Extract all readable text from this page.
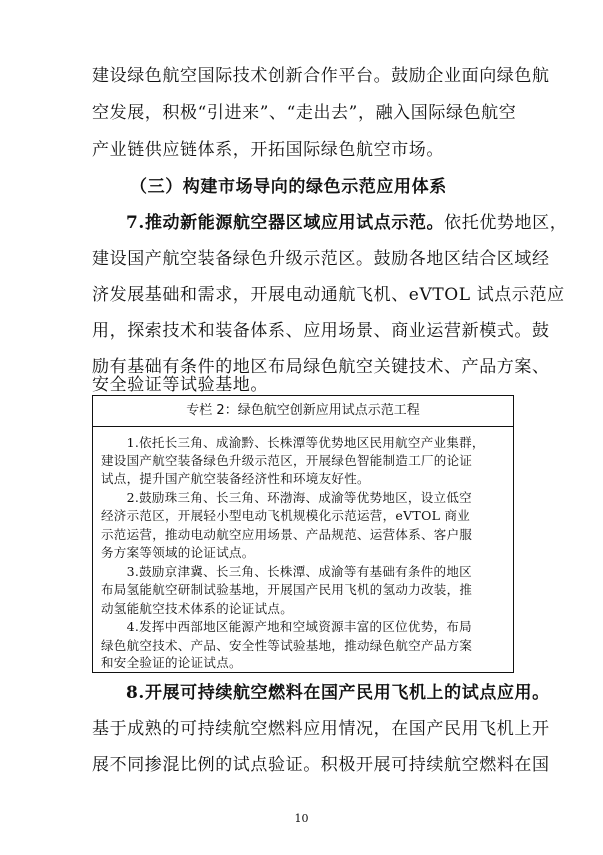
建设绿色航空国际技术创新合作平台。鼓励企业面向绿色航
空发展，积极“引进来”、“走出去”，融入国际绿色航空
产业链供应链体系，开拓国际绿色航空市场。
（三）构建市场导向的绿色示范应用体系
7.推动新能源航空器区域应用试点示范。依托优势地区，
建设国产航空装备绿色升级示范区。鼓励各地区结合区域经
济发展基础和需求，开展电动通航飞机、eVTOL 试点示范应
用，探索技术和装备体系、应用场景、商业运营新模式。鼓
励有基础有条件的地区布局绿色航空关键技术、产品方案、
安全验证等试验基地。
专栏 2：绿色航空创新应用试点示范工程
　　1.依托长三角、成渝黔、长株潭等优势地区民用航空产业集群，
建设国产航空装备绿色升级示范区，开展绿色智能制造工厂的论证
试点，提升国产航空装备经济性和环境友好性。
　　2.鼓励珠三角、长三角、环渤海、成渝等优势地区，设立低空
经济示范区，开展轻小型电动飞机规模化示范运营，eVTOL 商业
示范运营，推动电动航空应用场景、产品规范、运营体系、客户服
务方案等领域的论证试点。
　　3.鼓励京津冀、长三角、长株潭、成渝等有基础有条件的地区
布局氢能航空研制试验基地，开展国产民用飞机的氢动力改装，推
动氢能航空技术体系的论证试点。
　　4.发挥中西部地区能源产地和空域资源丰富的区位优势，布局
绿色航空技术、产品、安全性等试验基地，推动绿色航空产品方案
和安全验证的论证试点。
8.开展可持续航空燃料在国产民用飞机上的试点应用。
基于成熟的可持续航空燃料应用情况，在国产民用飞机上开
展不同掺混比例的试点验证。积极开展可持续航空燃料在国
10
